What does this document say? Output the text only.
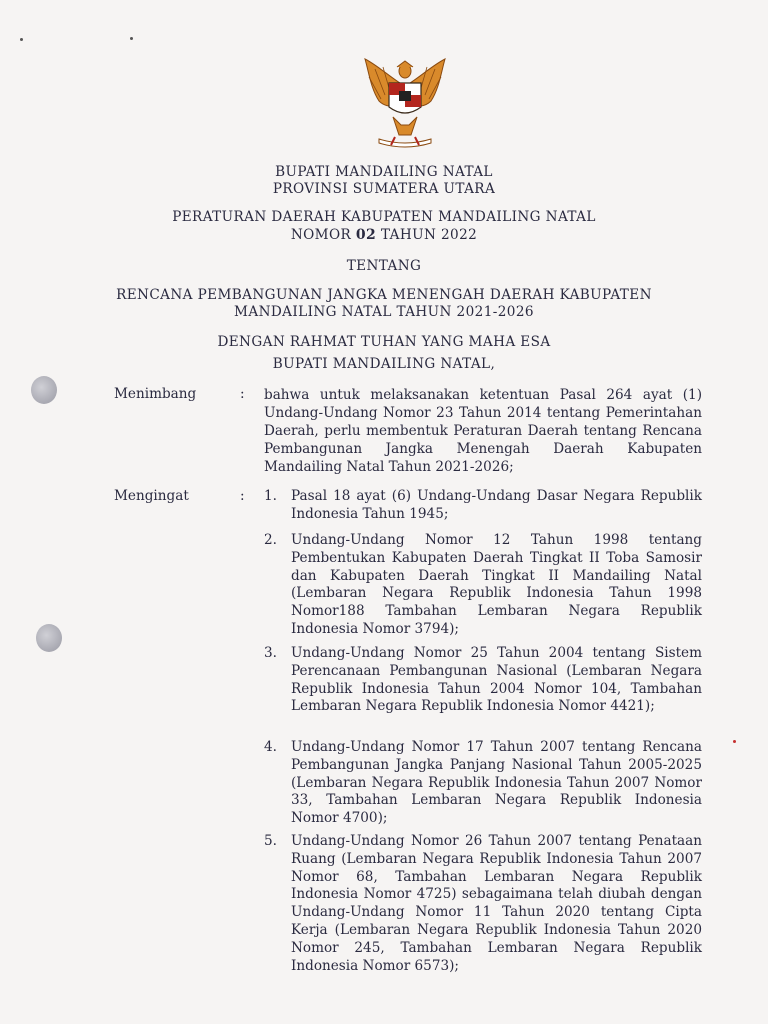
BUPATI MANDAILING NATAL
PROVINSI SUMATERA UTARA
PERATURAN DAERAH KABUPATEN MANDAILING NATAL
NOMOR 02 TAHUN 2022
TENTANG
RENCANA PEMBANGUNAN JANGKA MENENGAH DAERAH KABUPATEN
MANDAILING NATAL TAHUN 2021-2026
DENGAN RAHMAT TUHAN YANG MAHA ESA
BUPATI MANDAILING NATAL,
Menimbang	: bahwa untuk melaksanakan ketentuan Pasal 264 ayat (1) Undang-Undang Nomor 23 Tahun 2014 tentang Pemerintahan Daerah, perlu membentuk Peraturan Daerah tentang Rencana Pembangunan Jangka Menengah Daerah Kabupaten Mandailing Natal Tahun 2021-2026;
Mengingat	: 1.	Pasal 18 ayat (6) Undang-Undang Dasar Negara Republik Indonesia Tahun 1945;
2.	Undang-Undang Nomor 12 Tahun 1998 tentang Pembentukan Kabupaten Daerah Tingkat II Toba Samosir dan Kabupaten Daerah Tingkat II Mandailing Natal (Lembaran Negara Republik Indonesia Tahun 1998 Nomor188 Tambahan Lembaran Negara Republik Indonesia Nomor 3794);
3.	Undang-Undang Nomor 25 Tahun 2004 tentang Sistem Perencanaan Pembangunan Nasional (Lembaran Negara Republik Indonesia Tahun 2004 Nomor 104, Tambahan Lembaran Negara Republik Indonesia Nomor 4421);
4.	Undang-Undang Nomor 17 Tahun 2007 tentang Rencana Pembangunan Jangka Panjang Nasional Tahun 2005-2025 (Lembaran Negara Republik Indonesia Tahun 2007 Nomor 33, Tambahan Lembaran Negara Republik Indonesia Nomor 4700);
5.	Undang-Undang Nomor 26 Tahun 2007 tentang Penataan Ruang (Lembaran Negara Republik Indonesia Tahun 2007 Nomor 68, Tambahan Lembaran Negara Republik Indonesia Nomor 4725) sebagaimana telah diubah dengan Undang-Undang Nomor 11 Tahun 2020 tentang Cipta Kerja (Lembaran Negara Republik Indonesia Tahun 2020 Nomor 245, Tambahan Lembaran Negara Republik Indonesia Nomor 6573);
